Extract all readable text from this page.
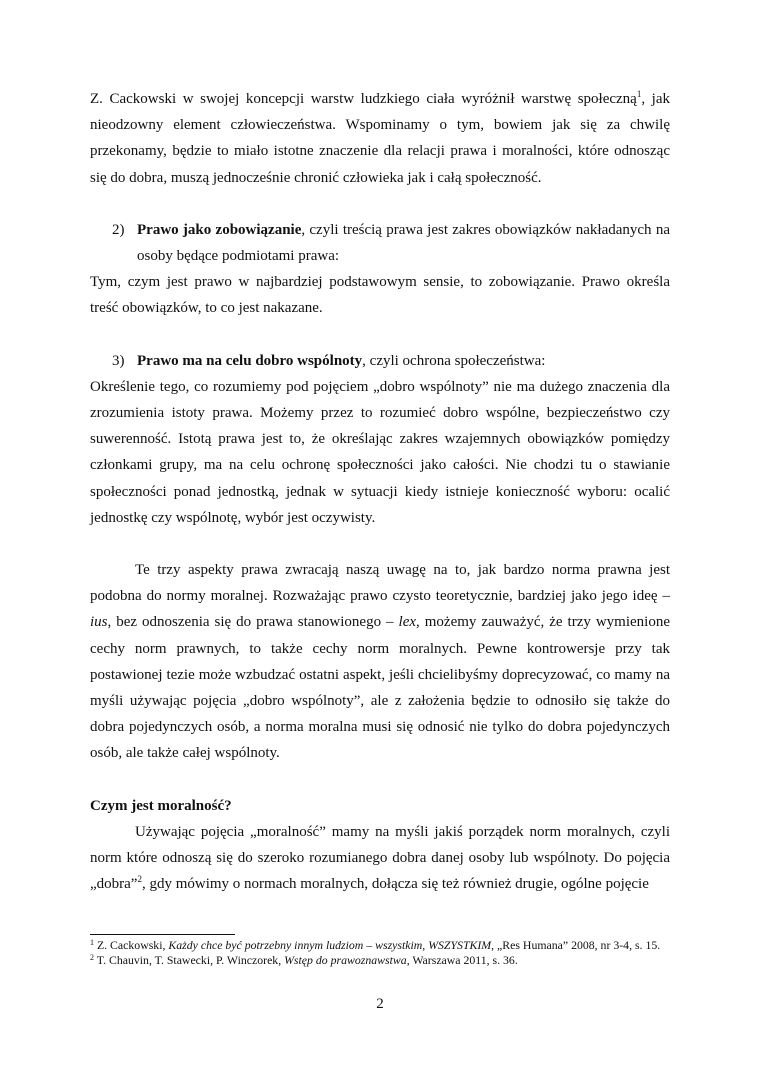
Z. Cackowski w swojej koncepcji warstw ludzkiego ciała wyróżnił warstwę społeczną$^1$, jak nieodzowny element człowieczeństwa. Wspominamy o tym, bowiem jak się za chwilę przekonamy, będzie to miało istotne znaczenie dla relacji prawa i moralności, które odnosząc się do dobra, muszą jednocześnie chronić człowieka jak i całą społeczność.

2) Prawo jako zobowiązanie, czyli treścią prawa jest zakres obowiązków nakładanych na osoby będące podmiotami prawa:

Tym, czym jest prawo w najbardziej podstawowym sensie, to zobowiązanie. Prawo określa treść obowiązków, to co jest nakazane.

3) Prawo ma na celu dobro wspólnoty, czyli ochrona społeczeństwa:

Określenie tego, co rozumiemy pod pojęciem „dobro wspólnoty” nie ma dużego znaczenia dla zrozumienia istoty prawa. Możemy przez to rozumieć dobro wspólne, bezpieczeństwo czy suwerenność. Istotą prawa jest to, że określając zakres wzajemnych obowiązków pomiędzy członkami grupy, ma na celu ochronę społeczności jako całości. Nie chodzi tu o stawianie społeczności ponad jednostką, jednak w sytuacji kiedy istnieje konieczność wyboru: ocalić jednostkę czy wspólnotę, wybór jest oczywisty.

Te trzy aspekty prawa zwracają naszą uwagę na to, jak bardzo norma prawna jest podobna do normy moralnej. Rozważając prawo czysto teoretycznie, bardziej jako jego ideę – ius, bez odnoszenia się do prawa stanowionego – lex, możemy zauważyć, że trzy wymienione cechy norm prawnych, to także cechy norm moralnych. Pewne kontrowersje przy tak postawionej tezie może wzbudzać ostatni aspekt, jeśli chcielibyśmy doprecyzować, co mamy na myśli używając pojęcia „dobro wspólnoty”, ale z założenia będzie to odnosiło się także do dobra pojedynczych osób, a norma moralna musi się odnosić nie tylko do dobra pojedynczych osób, ale także całej wspólnoty.

Czym jest moralność?

Używając pojęcia „moralność” mamy na myśli jakiś porządek norm moralnych, czyli norm które odnoszą się do szeroko rozumianego dobra danej osoby lub wspólnoty. Do pojęcia „dobra”$^2$, gdy mówimy o normach moralnych, dołącza się też również drugie, ogólne pojęcie

$^1$ Z. Cackowski, Każdy chce być potrzebny innym ludziom – wszystkim, WSZYSTKIM, „Res Humana” 2008, nr 3-4, s. 15.

$^2$ T. Chauvin, T. Stawecki, P. Winczorek, Wstęp do prawoznawstwa, Warszawa 2011, s. 36.

2
